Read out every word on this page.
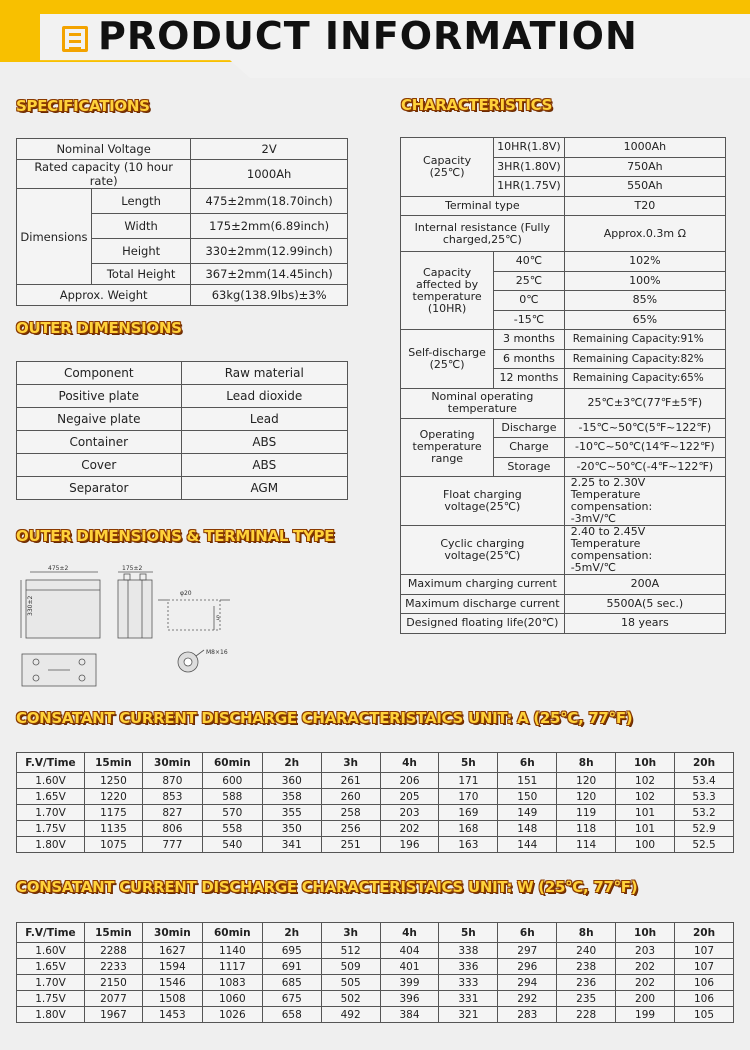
PRODUCT INFORMATION
SPECIFICATIONS	CHARACTERISTICS
OUTER DIMENSIONS
OUTER DIMENSIONS & TERMINAL TYPE
CONSATANT CURRENT DISCHARGE CHARACTERISTAICS UNIT: A (25°C, 77°F)
CONSATANT CURRENT DISCHARGE CHARACTERISTAICS UNIT: W (25°C, 77°F)
Nominal Voltage		2V
Rated capacity (10 hour rate)		1000Ah
Dimensions	Length	475±2mm(18.70inch)
	Width	175±2mm(6.89inch)
	Height	330±2mm(12.99inch)
	Total Height	367±2mm(14.45inch)
Approx. Weight		63kg(138.9lbs)±3%
Component	Raw material
Positive plate	Lead dioxide
Negaive plate	Lead
Container	ABS
Cover	ABS
Separator	AGM
475±2	175±2
330±2
φ20
5
M8×16
Capacity (25℃)	10HR(1.8V)	1000Ah
	3HR(1.80V)	750Ah
	1HR(1.75V)	550Ah
Terminal type		T20
Internal resistance (Fully charged,25℃)		Approx.0.3m Ω
Capacity affected by temperature (10HR)	40℃	102%
	25℃	100%
	0℃	85%
	-15℃	65%
Self-discharge (25℃)	3 months	Remaining Capacity:91%
	6 months	Remaining Capacity:82%
	12 months	Remaining Capacity:65%
Nominal operating temperature		25℃±3℃(77℉±5℉)
Operating temperature range	Discharge	-15℃~50℃(5℉~122℉)
	Charge	-10℃~50℃(14℉~122℉)
	Storage	-20℃~50℃(-4℉~122℉)
Float charging voltage(25℃)		2.25 to 2.30V
Temperature compensation:
-3mV/℃

Cyclic charging voltage(25℃)		2.40 to 2.45V
Temperature compensation:
-5mV/℃

Maximum charging current		200A
Maximum discharge current		5500A(5 sec.)
Designed floating life(20℃)		18 years
F.V/Time	15min	30min	60min	2h	3h	4h	5h	6h	8h	10h	20h
1.60V	1250	870	600	360	261	206	171	151	120	102	53.4
1.65V	1220	853	588	358	260	205	170	150	120	102	53.3
1.70V	1175	827	570	355	258	203	169	149	119	101	53.2
1.75V	1135	806	558	350	256	202	168	148	118	101	52.9
1.80V	1075	777	540	341	251	196	163	144	114	100	52.5
F.V/Time	15min	30min	60min	2h	3h	4h	5h	6h	8h	10h	20h
1.60V	2288	1627	1140	695	512	404	338	297	240	203	107
1.65V	2233	1594	1117	691	509	401	336	296	238	202	107
1.70V	2150	1546	1083	685	505	399	333	294	236	202	106
1.75V	2077	1508	1060	675	502	396	331	292	235	200	106
1.80V	1967	1453	1026	658	492	384	321	283	228	199	105
